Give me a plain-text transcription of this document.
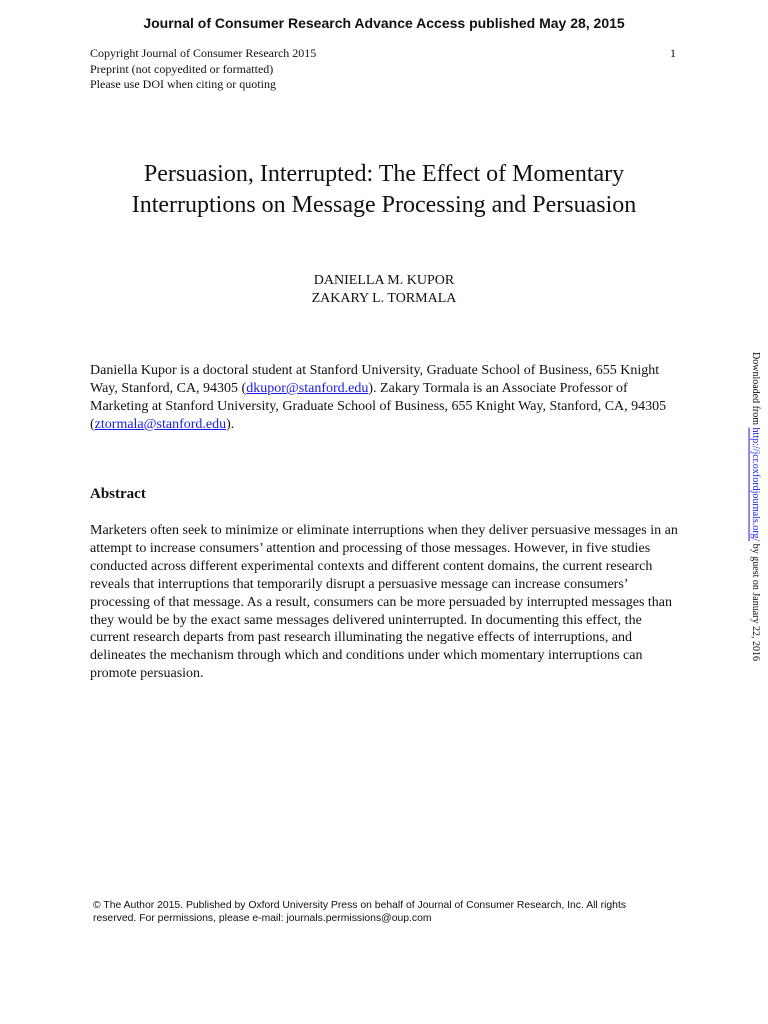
Journal of Consumer Research Advance Access published May 28, 2015
Copyright Journal of Consumer Research 2015
Preprint (not copyedited or formatted)
Please use DOI when citing or quoting
1
Persuasion, Interrupted: The Effect of Momentary
Interruptions on Message Processing and Persuasion
DANIELLA M. KUPOR
ZAKARY L. TORMALA

Daniella Kupor is a doctoral student at Stanford University, Graduate School of Business, 655 Knight Way, Stanford, CA, 94305 (dkupor@stanford.edu). Zakary Tormala is an Associate Professor of Marketing at Stanford University, Graduate School of Business, 655 Knight Way, Stanford, CA, 94305 (ztormala@stanford.edu).

Abstract

Marketers often seek to minimize or eliminate interruptions when they deliver persuasive messages in an attempt to increase consumers’ attention and processing of those messages. However, in five studies conducted across different experimental contexts and different content domains, the current research reveals that interruptions that temporarily disrupt a persuasive message can increase consumers’ processing of that message. As a result, consumers can be more persuaded by interrupted messages than they would be by the exact same messages delivered uninterrupted. In documenting this effect, the current research departs from past research illuminating the negative effects of interruptions, and delineates the mechanism through which and conditions under which momentary interruptions can promote persuasion.

© The Author 2015. Published by Oxford University Press on behalf of Journal of Consumer Research, Inc. All rights
reserved. For permissions, please e-mail: journals.permissions@oup.com
Downloaded from http://jcr.oxfordjournals.org/ by guest on January 22, 2016
